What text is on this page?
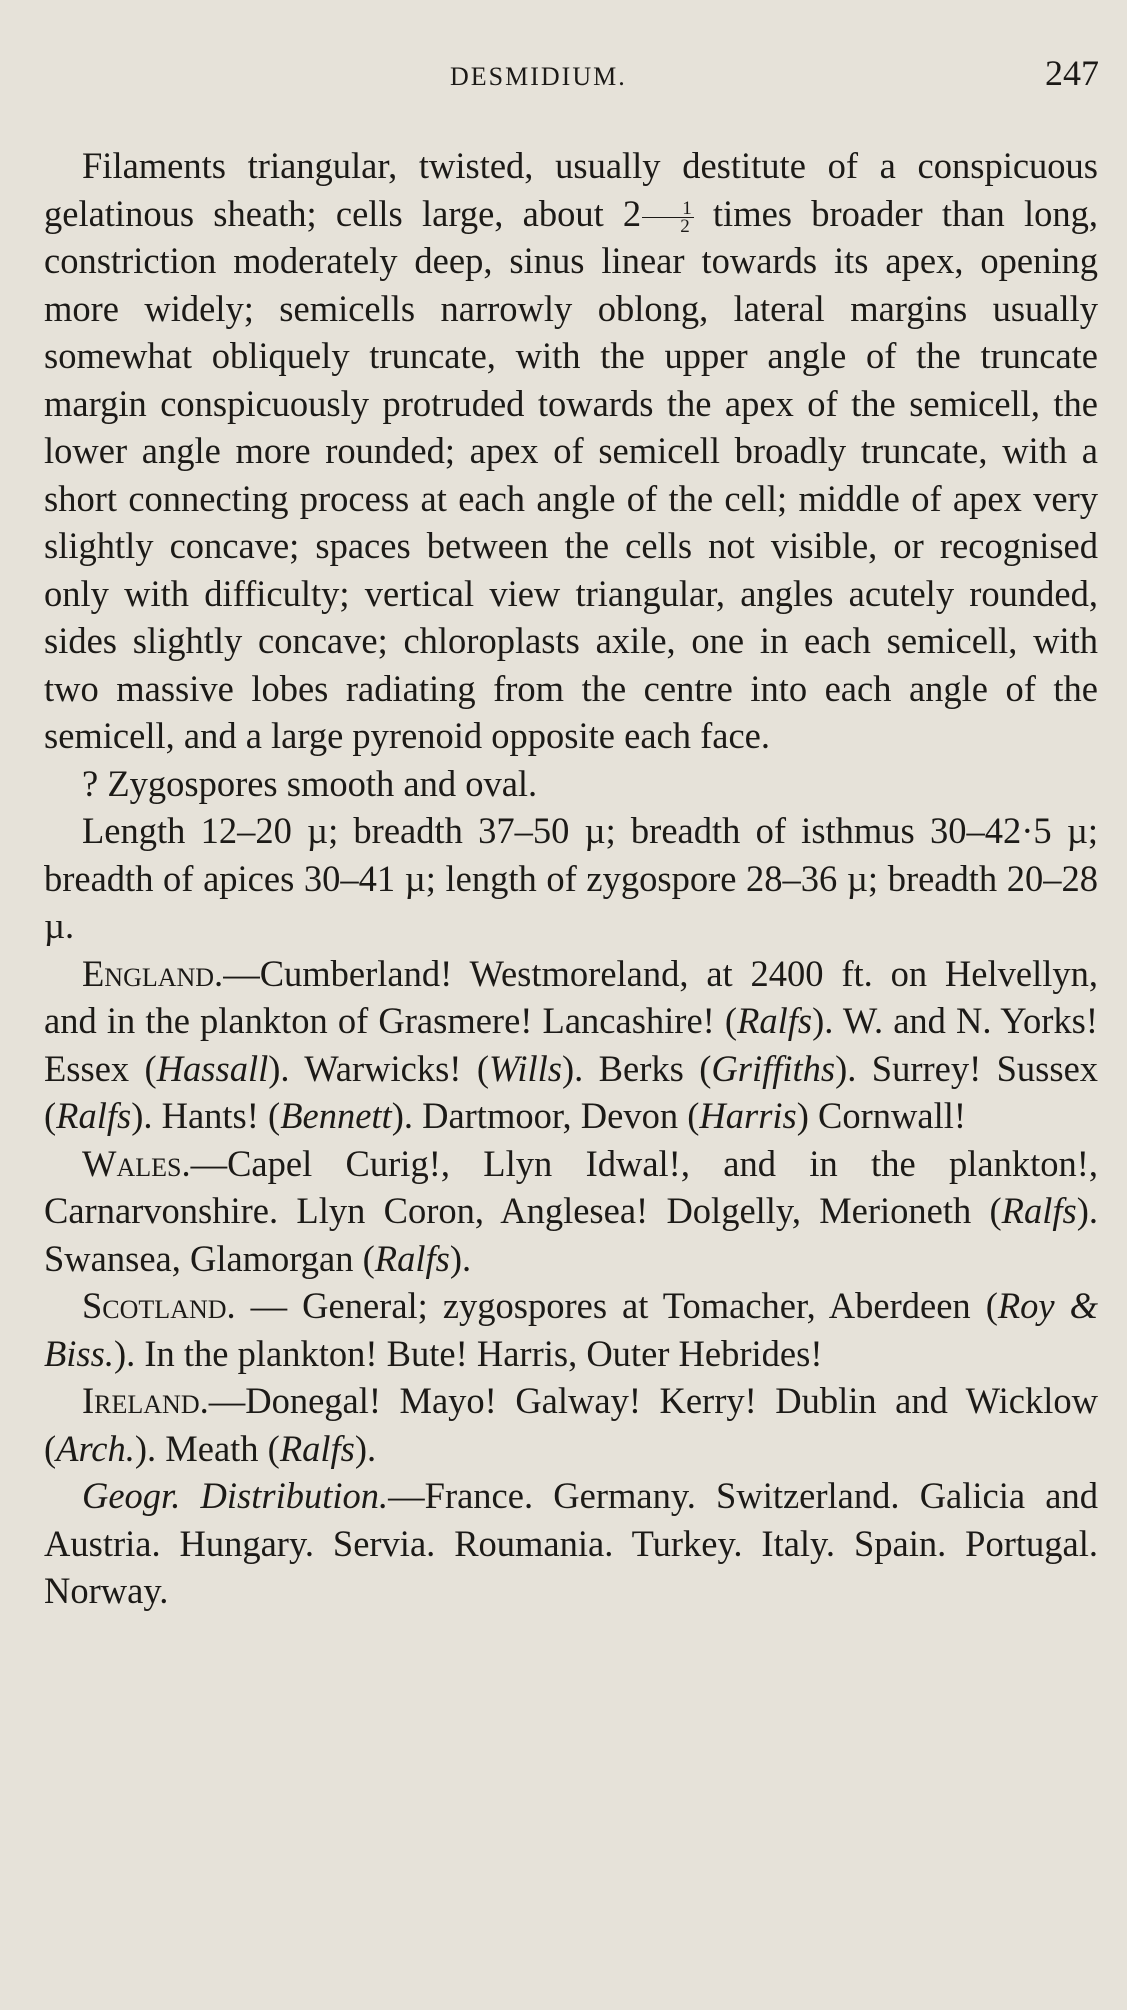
DESMIDIUM.	247

Filaments triangular, twisted, usually destitute of a conspicuous gelatinous sheath; cells large, about $2 \frac{1}{2}$ times broader than long, constriction moderately deep, sinus linear towards its apex, opening more widely; semicells narrowly oblong, lateral margins usually somewhat obliquely truncate, with the upper angle of the truncate margin conspicuously protruded towards the apex of the semicell, the lower angle more rounded; apex of semicell broadly truncate, with a short connecting process at each angle of the cell; middle of apex very slightly concave; spaces between the cells not visible, or recognised only with difficulty; vertical view triangular, angles acutely rounded, sides slightly concave; chloroplasts axile, one in each semicell, with two massive lobes radiating from the centre into each angle of the semicell, and a large pyrenoid opposite each face.

? Zygospores smooth and oval.

Length 12–20 µ; breadth 37–50 µ; breadth of isthmus 30–42·5 µ; breadth of apices 30–41 µ; length of zygospore 28–36 µ; breadth 20–28 µ.

England.—Cumberland! Westmoreland, at 2400 ft. on Helvellyn, and in the plankton of Grasmere! Lancashire! (Ralfs). W. and N. Yorks! Essex (Hassall). Warwicks! (Wills). Berks (Griffiths). Surrey! Sussex (Ralfs). Hants! (Bennett). Dartmoor, Devon (Harris) Cornwall!

Wales.—Capel Curig!, Llyn Idwal!, and in the plankton!, Carnarvonshire. Llyn Coron, Anglesea! Dolgelly, Merioneth (Ralfs). Swansea, Glamorgan (Ralfs).

Scotland. — General; zygospores at Tomacher, Aberdeen (Roy & Biss.). In the plankton! Bute! Harris, Outer Hebrides!

Ireland.—Donegal! Mayo! Galway! Kerry! Dublin and Wicklow (Arch.). Meath (Ralfs).

Geogr. Distribution.—France. Germany. Switzerland. Galicia and Austria. Hungary. Servia. Roumania. Turkey. Italy. Spain. Portugal. Norway.
